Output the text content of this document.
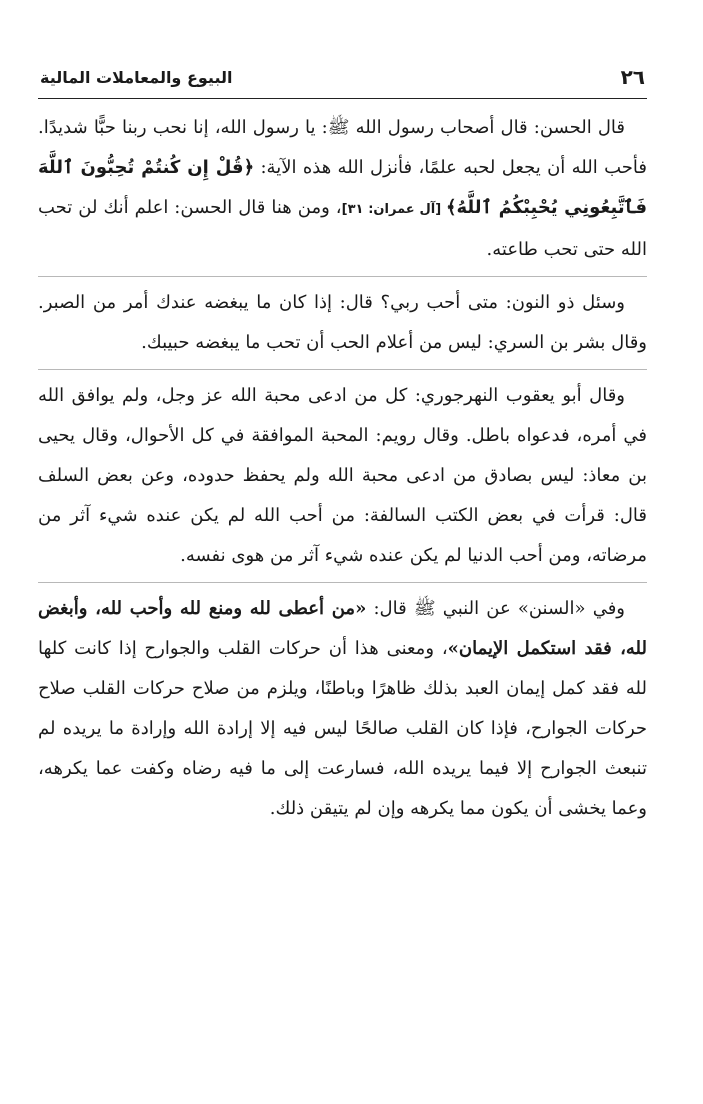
٢٦
البيوع والمعاملات المالية

قال الحسن: قال أصحاب رسول الله ﷺ: يا رسول الله، إنا نحب ربنا حبًّا شديدًا. فأحب الله أن يجعل لحبه علمًا، فأنزل الله هذه الآية: ﴿قُلْ إِن كُنتُمْ تُحِبُّونَ ٱللَّهَ فَٱتَّبِعُونِي يُحْبِبْكُمُ ٱللَّهُ﴾ [آل عمران: ٣١]، ومن هنا قال الحسن: اعلم أنك لن تحب الله حتى تحب طاعته.

وسئل ذو النون: متى أحب ربي؟ قال: إذا كان ما يبغضه عندك أمر من الصبر. وقال بشر بن السري: ليس من أعلام الحب أن تحب ما يبغضه حبيبك.

وقال أبو يعقوب النهرجوري: كل من ادعى محبة الله عز وجل، ولم يوافق الله في أمره، فدعواه باطل. وقال رويم: المحبة الموافقة في كل الأحوال، وقال يحيى بن معاذ: ليس بصادق من ادعى محبة الله ولم يحفظ حدوده، وعن بعض السلف قال: قرأت في بعض الكتب السالفة: من أحب الله لم يكن عنده شيء آثر من مرضاته، ومن أحب الدنيا لم يكن عنده شيء آثر من هوى نفسه.

وفي «السنن» عن النبي ﷺ قال: «من أعطى لله ومنع لله وأحب لله، وأبغض لله، فقد استكمل الإيمان»، ومعنى هذا أن حركات القلب والجوارح إذا كانت كلها لله فقد كمل إيمان العبد بذلك ظاهرًا وباطنًا، ويلزم من صلاح حركات القلب صلاح حركات الجوارح، فإذا كان القلب صالحًا ليس فيه إلا إرادة الله وإرادة ما يريده لم تنبعث الجوارح إلا فيما يريده الله، فسارعت إلى ما فيه رضاه وكفت عما يكرهه، وعما يخشى أن يكون مما يكرهه وإن لم يتيقن ذلك.
